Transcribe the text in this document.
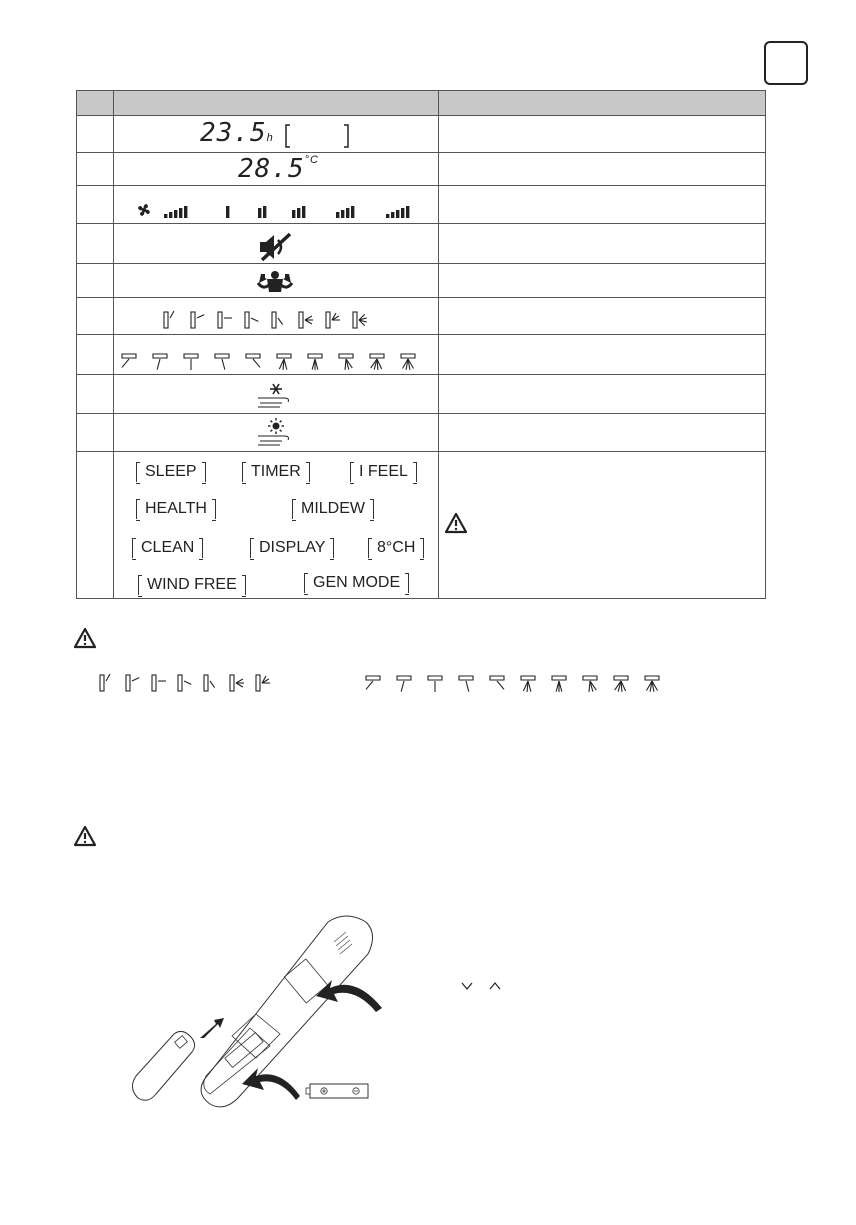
23.5h
$28.5^{^\circ C}$
SLEEP	TIMER	I FEEL
HEALTH	MILDEW
CLEAN	DISPLAY	8°CH
WIND FREE	GEN MODE
